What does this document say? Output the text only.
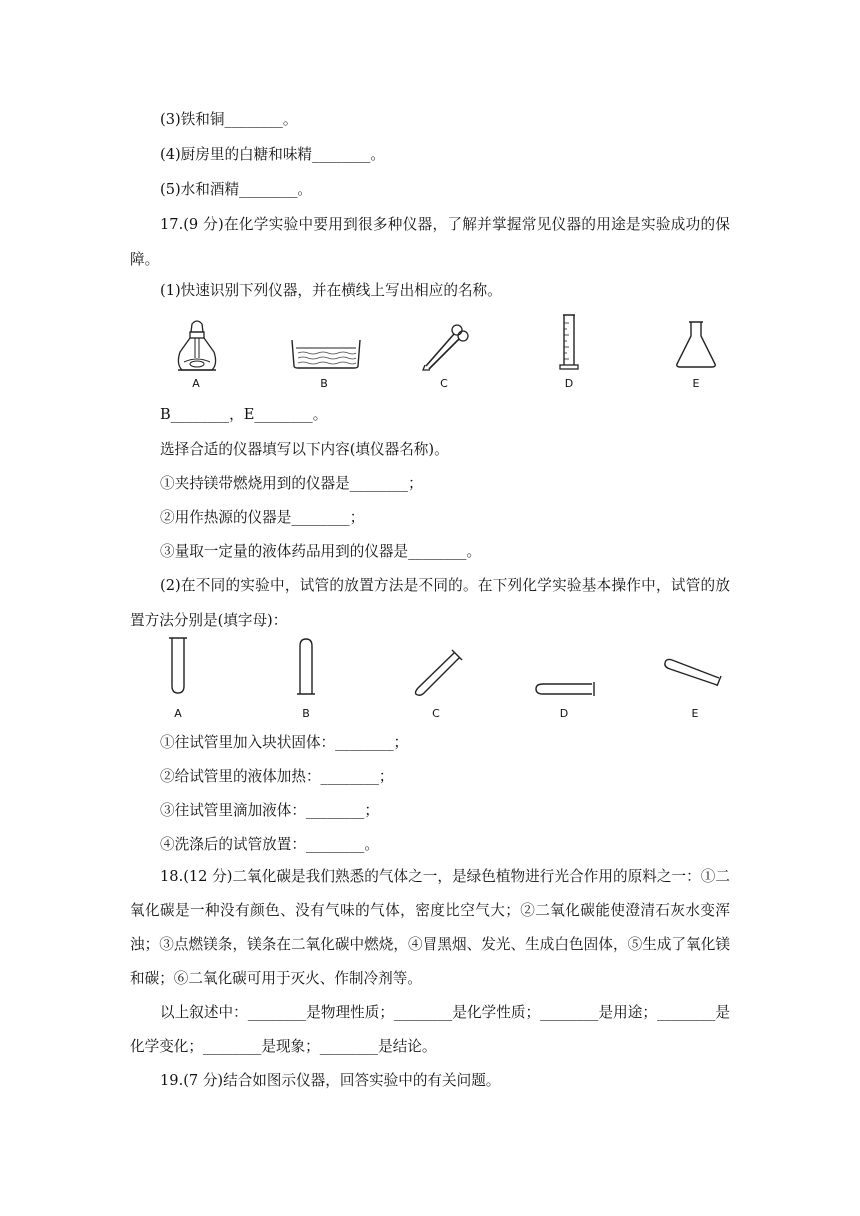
(3)铁和铜________。
(4)厨房里的白糖和味精________。
(5)水和酒精________。
17.(9 分)在化学实验中要用到很多种仪器，了解并掌握常见仪器的用途是实验成功的保障。
(1)快速识别下列仪器，并在横线上写出相应的名称。
A	B	C	D	E
B________，E________。
选择合适的仪器填写以下内容(填仪器名称)。
①夹持镁带燃烧用到的仪器是________；
②用作热源的仪器是________；
③量取一定量的液体药品用到的仪器是________。
(2)在不同的实验中，试管的放置方法是不同的。在下列化学实验基本操作中，试管的放置方法分别是(填字母)：
A	B	C	D	E
①往试管里加入块状固体：________；
②给试管里的液体加热：________；
③往试管里滴加液体：________；
④洗涤后的试管放置：________。
18.(12 分)二氧化碳是我们熟悉的气体之一，是绿色植物进行光合作用的原料之一：①二氧化碳是一种没有颜色、没有气味的气体，密度比空气大；②二氧化碳能使澄清石灰水变浑浊；③点燃镁条，镁条在二氧化碳中燃烧，④冒黑烟、发光、生成白色固体，⑤生成了氧化镁和碳；⑥二氧化碳可用于灭火、作制冷剂等。
以上叙述中：________是物理性质；________是化学性质；________是用途；________是化学变化；________是现象；________是结论。
19.(7 分)结合如图示仪器，回答实验中的有关问题。
